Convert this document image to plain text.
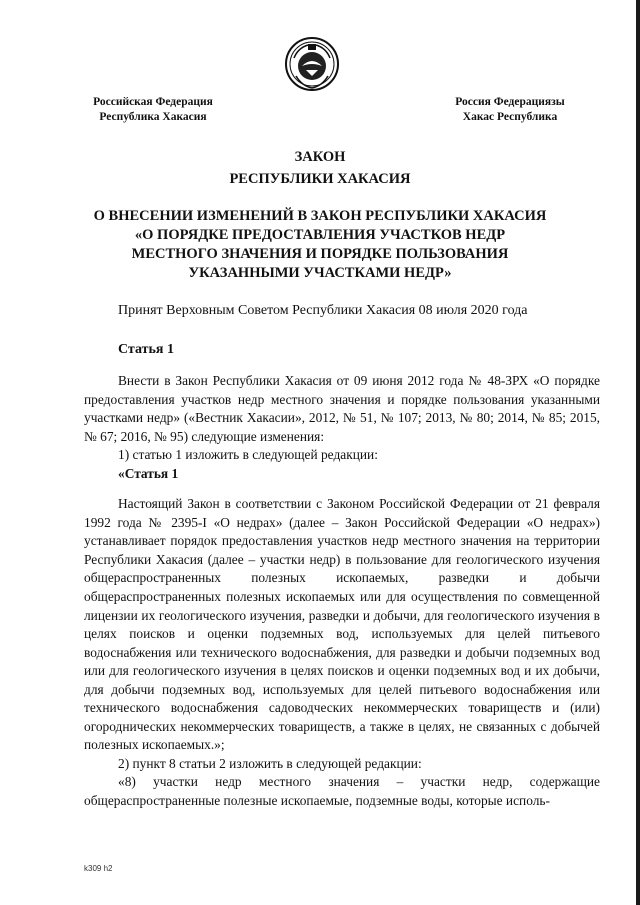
Российская Федерация
Республика Хакасия
Россия Федерациязы
Хакас Республика
ЗАКОН
РЕСПУБЛИКИ ХАКАСИЯ
О ВНЕСЕНИИ ИЗМЕНЕНИЙ В ЗАКОН РЕСПУБЛИКИ ХАКАСИЯ
«О ПОРЯДКЕ ПРЕДОСТАВЛЕНИЯ УЧАСТКОВ НЕДР
МЕСТНОГО ЗНАЧЕНИЯ И ПОРЯДКЕ ПОЛЬЗОВАНИЯ
УКАЗАННЫМИ УЧАСТКАМИ НЕДР»
Принят Верховным Советом Республики Хакасия 08 июля 2020 года
Статья 1

Внести в Закон Республики Хакасия от 09 июня 2012 года № 48-ЗРХ «О порядке предоставления участков недр местного значения и порядке пользования указанными участками недр» («Вестник Хакасии», 2012, № 51, № 107; 2013, № 80; 2014, № 85; 2015, № 67; 2016, № 95) следующие изменения:

1) статью 1 изложить в следующей редакции:

«Статья 1

Настоящий Закон в соответствии с Законом Российской Федерации от 21 февраля 1992 года № 2395-I «О недрах» (далее – Закон Российской Федерации «О недрах») устанавливает порядок предоставления участков недр местного значения на территории Республики Хакасия (далее – участки недр) в пользование для геологического изучения общераспространенных полезных ископаемых, разведки и добычи общераспространенных полезных ископаемых или для осуществления по совмещенной лицензии их геологического изучения, разведки и добычи, для геологического изучения в целях поисков и оценки подземных вод, используемых для целей питьевого водоснабжения или технического водоснабжения, для разведки и добычи подземных вод или для геологического изучения в целях поисков и оценки подземных вод и их добычи, для добычи подземных вод, используемых для целей питьевого водоснабжения или технического водоснабжения садоводческих некоммерческих товариществ и (или) огороднических некоммерческих товариществ, а также в целях, не связанных с добычей полезных ископаемых.»;

2) пункт 8 статьи 2 изложить в следующей редакции:

«8) участки недр местного значения – участки недр, содержащие общераспространенные полезные ископаемые, подземные воды, которые исполь-

k309 h2
